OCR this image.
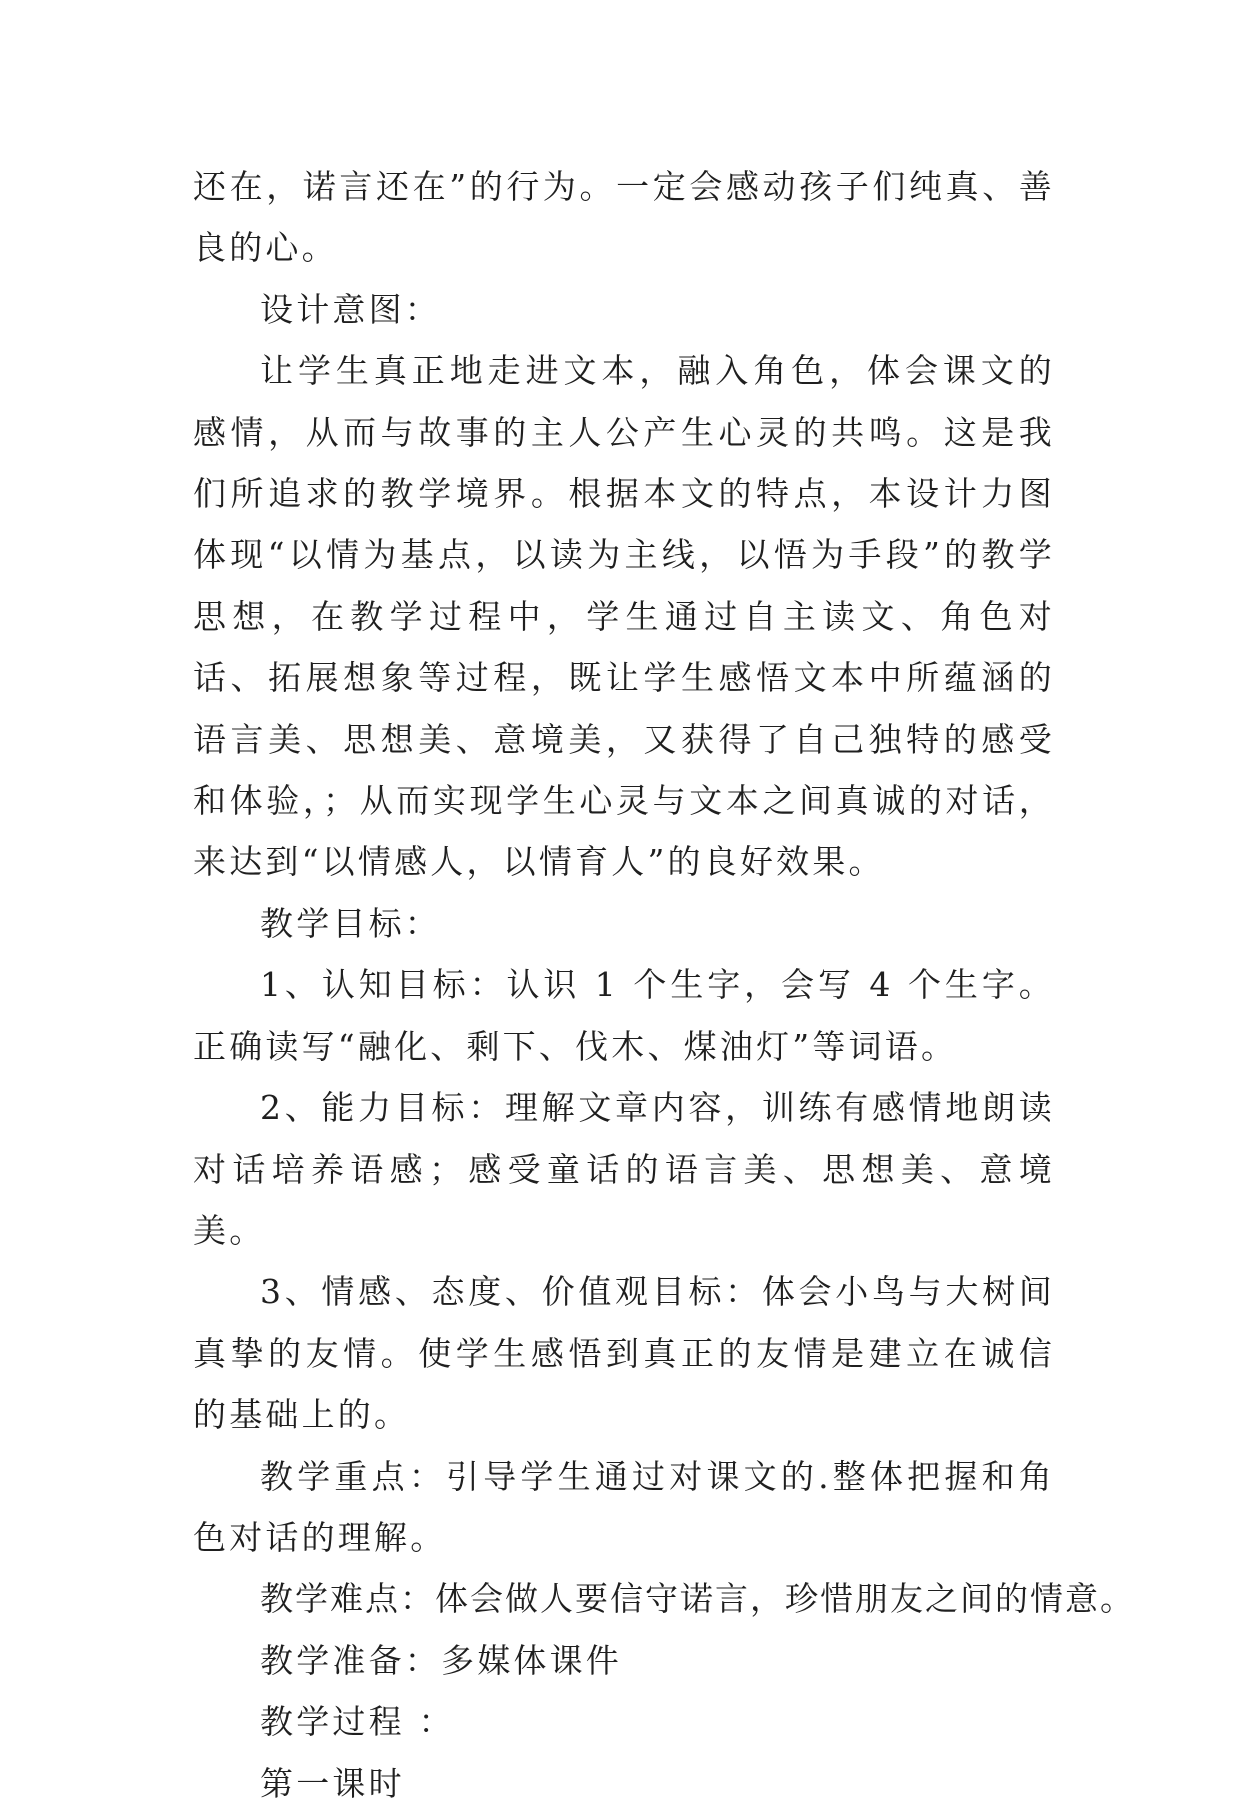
还在，诺言还在”的行为。一定会感动孩子们纯真、善良的心。

设计意图：

让学生真正地走进文本，融入角色，体会课文的感情，从而与故事的主人公产生心灵的共鸣。这是我们所追求的教学境界。根据本文的特点，本设计力图体现“以情为基点，以读为主线，以悟为手段”的教学思想，在教学过程中，学生通过自主读文、角色对话、拓展想象等过程，既让学生感悟文本中所蕴涵的语言美、思想美、意境美，又获得了自己独特的感受和体验，；从而实现学生心灵与文本之间真诚的对话，来达到“以情感人，以情育人”的良好效果。

教学目标：

1、认知目标：认识 1 个生字，会写 4 个生字。正确读写“融化、剩下、伐木、煤油灯”等词语。

2、能力目标：理解文章内容，训练有感情地朗读对话培养语感；感受童话的语言美、思想美、意境美。

3、情感、态度、价值观目标：体会小鸟与大树间真挚的友情。使学生感悟到真正的友情是建立在诚信的基础上的。

教学重点：引导学生通过对课文的.整体把握和角色对话的理解。

教学难点：体会做人要信守诺言，珍惜朋友之间的情意。

教学准备：多媒体课件

教学过程 ：

第一课时
